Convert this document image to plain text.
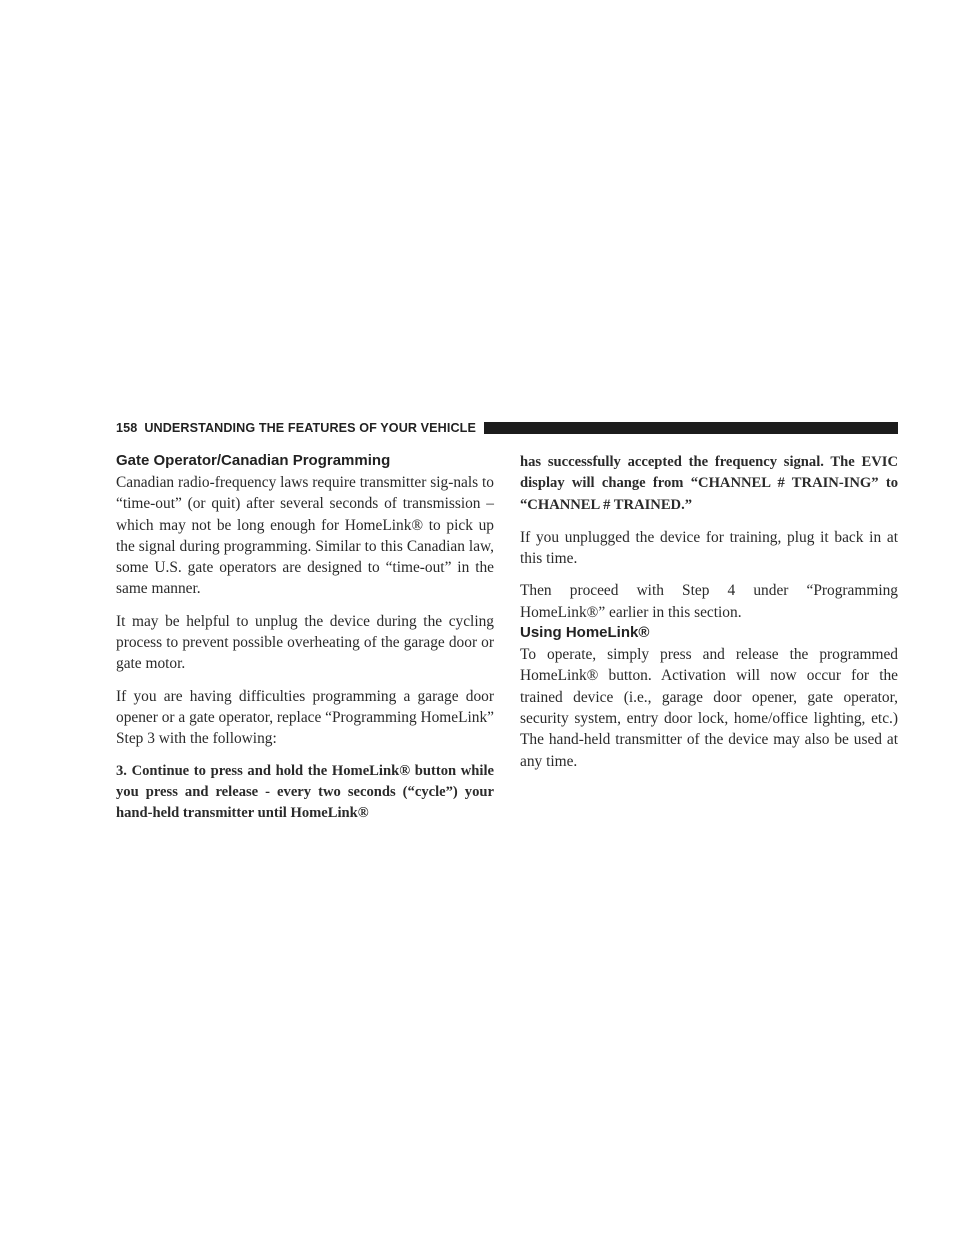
158 UNDERSTANDING THE FEATURES OF YOUR VEHICLE
Gate Operator/Canadian Programming

Canadian radio-frequency laws require transmitter sig-nals to “time-out” (or quit) after several seconds of transmission – which may not be long enough for HomeLink® to pick up the signal during programming. Similar to this Canadian law, some U.S. gate operators are designed to “time-out” in the same manner.

It may be helpful to unplug the device during the cycling process to prevent possible overheating of the garage door or gate motor.

If you are having difficulties programming a garage door opener or a gate operator, replace “Programming HomeLink” Step 3 with the following:

3. Continue to press and hold the HomeLink® button while you press and release - every two seconds (“cycle”) your hand-held transmitter until HomeLink®

has successfully accepted the frequency signal. The EVIC display will change from “CHANNEL # TRAIN-ING” to “CHANNEL # TRAINED.”

If you unplugged the device for training, plug it back in at this time.

Then proceed with Step 4 under “Programming HomeLink®” earlier in this section.

Using HomeLink®

To operate, simply press and release the programmed HomeLink® button. Activation will now occur for the trained device (i.e., garage door opener, gate operator, security system, entry door lock, home/office lighting, etc.) The hand-held transmitter of the device may also be used at any time.
